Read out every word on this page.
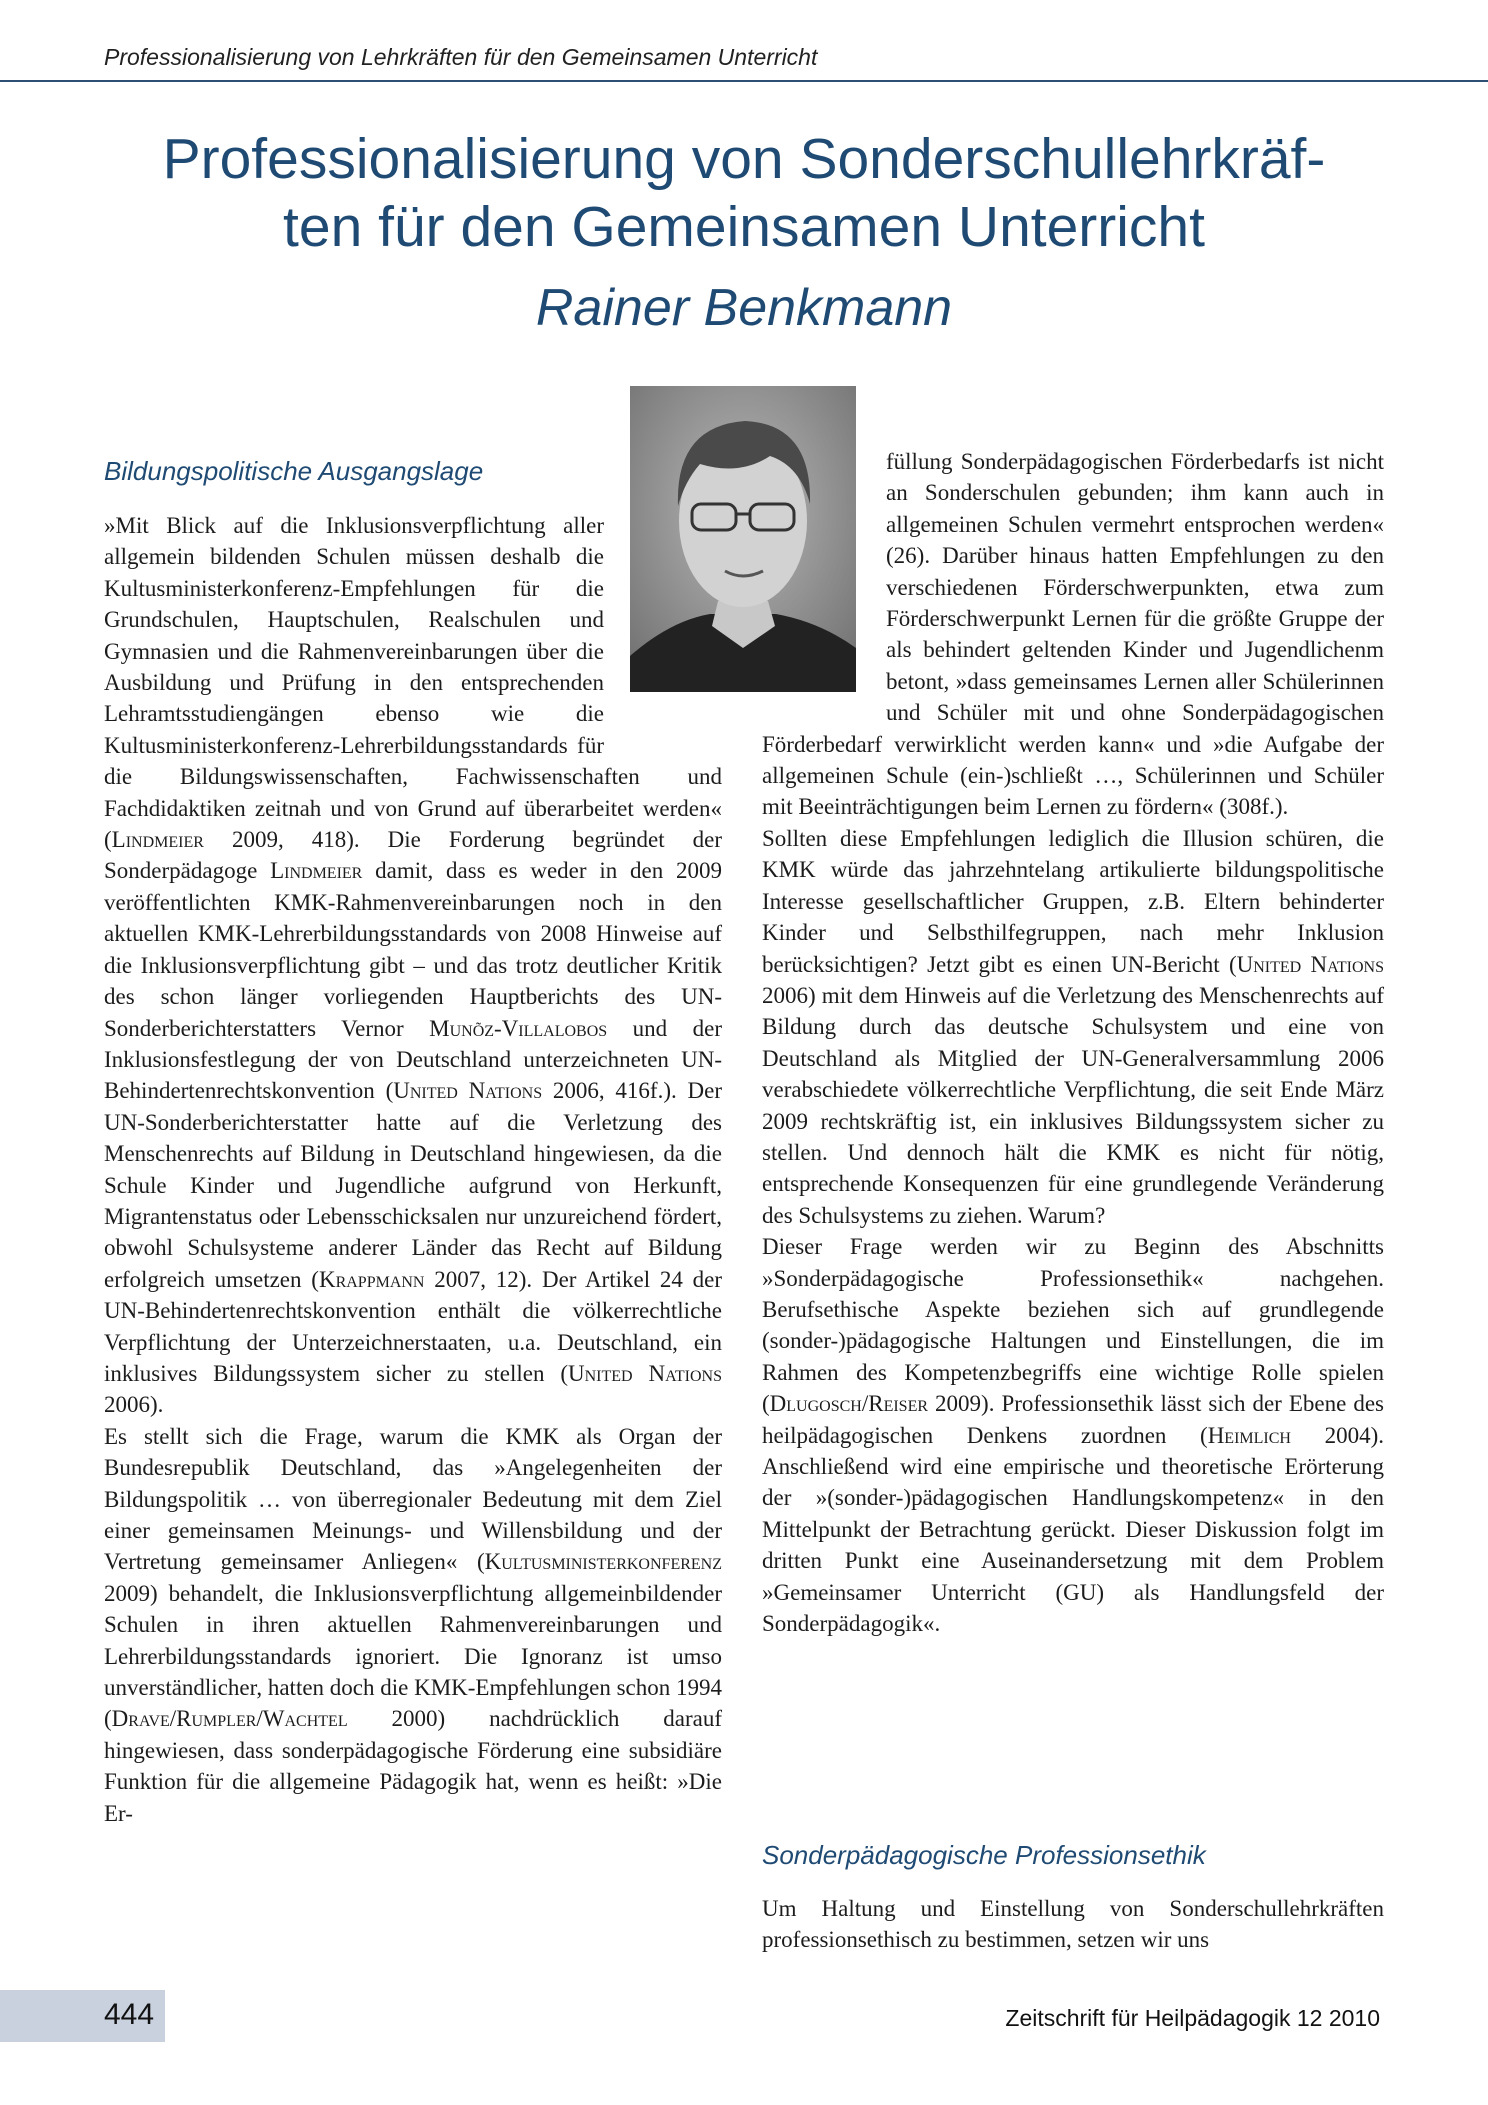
Professionalisierung von Lehrkräften für den Gemeinsamen Unterricht
Professionalisierung von Sonderschullehrkräf-
ten für den Gemeinsamen Unterricht
Rainer Benkmann
Bildungspolitische Ausgangslage

»Mit Blick auf die Inklusionsverpflichtung aller allgemein bildenden Schulen müssen deshalb die Kultusministerkonferenz-Empfehlungen für die Grundschulen, Hauptschulen, Realschulen und Gymnasien und die Rahmenvereinbarungen über die Ausbildung und Prüfung in den entsprechenden Lehramtsstudiengängen ebenso wie die Kultusministerkonferenz-Lehrerbildungsstandards für die Bildungswissenschaften, Fachwissenschaften und Fachdidaktiken zeitnah und von Grund auf überarbeitet werden« (Lindmeier 2009, 418). Die Forderung begründet der Sonderpädagoge Lindmeier damit, dass es weder in den 2009 veröffentlichten KMK-Rahmenvereinbarungen noch in den aktuellen KMK-Lehrerbildungsstandards von 2008 Hinweise auf die Inklusionsverpflichtung gibt – und das trotz deutlicher Kritik des schon länger vorliegenden Hauptberichts des UN-Sonderberichterstatters Vernor Munõz-Villalobos und der Inklusionsfestlegung der von Deutschland unterzeichneten UN-Behindertenrechtskonvention (United Nations 2006, 416f.). Der UN-Sonderberichterstatter hatte auf die Verletzung des Menschenrechts auf Bildung in Deutschland hingewiesen, da die Schule Kinder und Jugendliche aufgrund von Herkunft, Migrantenstatus oder Lebensschicksalen nur unzureichend fördert, obwohl Schulsysteme anderer Länder das Recht auf Bildung erfolgreich umsetzen (Krappmann 2007, 12). Der Artikel 24 der UN-Behindertenrechtskonvention enthält die völkerrechtliche Verpflichtung der Unterzeichnerstaaten, u.a. Deutschland, ein inklusives Bildungssystem sicher zu stellen (United Nations 2006).

Es stellt sich die Frage, warum die KMK als Organ der Bundesrepublik Deutschland, das »Angelegenheiten der Bildungspolitik … von überregionaler Bedeutung mit dem Ziel einer gemeinsamen Meinungs- und Willensbildung und der Vertretung gemeinsamer Anliegen« (Kultusministerkonferenz 2009) behandelt, die Inklusionsverpflichtung allgemeinbildender Schulen in ihren aktuellen Rahmenvereinbarungen und Lehrerbildungsstandards ignoriert. Die Ignoranz ist umso unverständlicher, hatten doch die KMK-Empfehlungen schon 1994 (Drave/Rumpler/Wachtel 2000) nachdrücklich darauf hingewiesen, dass sonderpädagogische Förderung eine subsidiäre Funktion für die allgemeine Pädagogik hat, wenn es heißt: »Die Er-

füllung Sonderpädagogischen Förderbedarfs ist nicht an Sonderschulen gebunden; ihm kann auch in allgemeinen Schulen vermehrt entsprochen werden« (26). Darüber hinaus hatten Empfehlungen zu den verschiedenen Förderschwerpunkten, etwa zum Förderschwerpunkt Lernen für die größte Gruppe der als behindert geltenden Kinder und Jugendlichenm betont, »dass gemeinsames Lernen aller Schülerinnen und Schüler mit und ohne Sonderpädagogischen Förderbedarf verwirklicht werden kann« und »die Aufgabe der allgemeinen Schule (ein-)schließt …, Schülerinnen und Schüler mit Beeinträchtigungen beim Lernen zu fördern« (308f.).

Sollten diese Empfehlungen lediglich die Illusion schüren, die KMK würde das jahrzehntelang artikulierte bildungspolitische Interesse gesellschaftlicher Gruppen, z.B. Eltern behinderter Kinder und Selbsthilfegruppen, nach mehr Inklusion berücksichtigen? Jetzt gibt es einen UN-Bericht (United Nations 2006) mit dem Hinweis auf die Verletzung des Menschenrechts auf Bildung durch das deutsche Schulsystem und eine von Deutschland als Mitglied der UN-Generalversammlung 2006 verabschiedete völkerrechtliche Verpflichtung, die seit Ende März 2009 rechtskräftig ist, ein inklusives Bildungssystem sicher zu stellen. Und dennoch hält die KMK es nicht für nötig, entsprechende Konsequenzen für eine grundlegende Veränderung des Schulsystems zu ziehen. Warum?

Dieser Frage werden wir zu Beginn des Abschnitts »Sonderpädagogische Professionsethik« nachgehen. Berufsethische Aspekte beziehen sich auf grundlegende (sonder-)pädagogische Haltungen und Einstellungen, die im Rahmen des Kompetenzbegriffs eine wichtige Rolle spielen (Dlugosch/Reiser 2009). Professionsethik lässt sich der Ebene des heilpädagogischen Denkens zuordnen (Heimlich 2004). Anschließend wird eine empirische und theoretische Erörterung der »(sonder-)pädagogischen Handlungskompetenz« in den Mittelpunkt der Betrachtung gerückt. Dieser Diskussion folgt im dritten Punkt eine Auseinandersetzung mit dem Problem »Gemeinsamer Unterricht (GU) als Handlungsfeld der Sonderpädagogik«.

Sonderpädagogische Professionsethik

Um Haltung und Einstellung von Sonderschullehrkräften professionsethisch zu bestimmen, setzen wir uns

444	Zeitschrift für Heilpädagogik 12 2010
